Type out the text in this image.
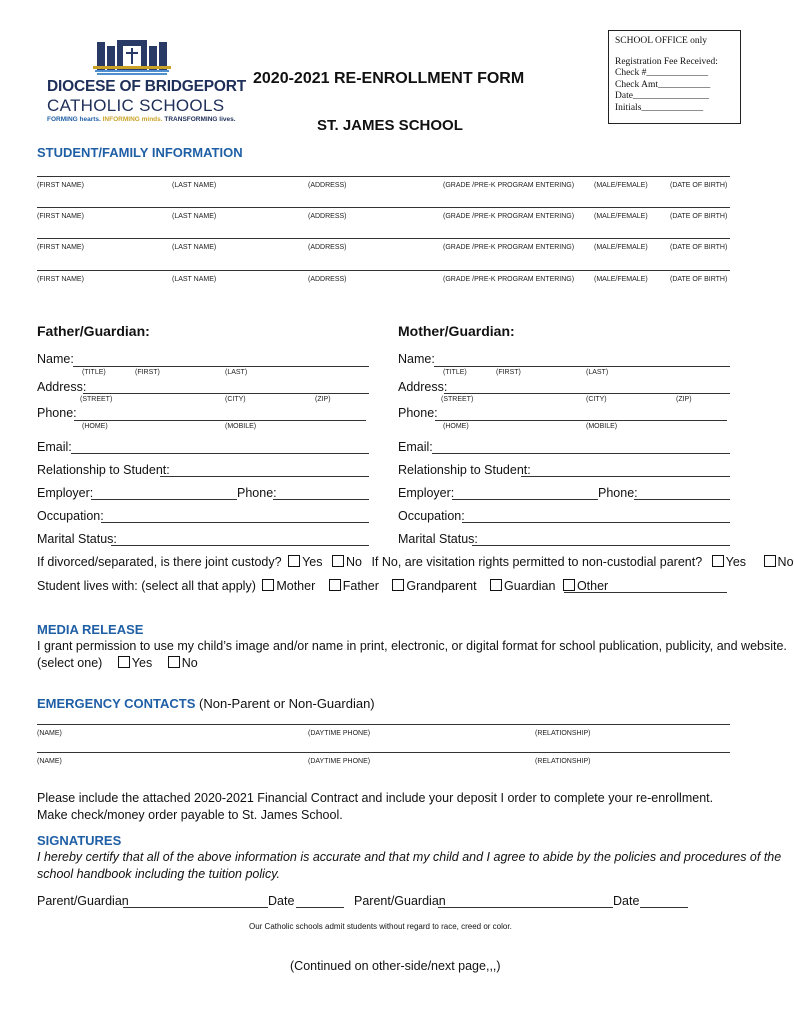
DIOCESE OF BRIDGEPORT
CATHOLIC SCHOOLS
FORMING hearts. INFORMING minds. TRANSFORMING lives.
2020-2021 RE-ENROLLMENT FORM
ST. JAMES SCHOOL
SCHOOL OFFICE only
Registration Fee Received:
Check #_____________
Check Amt___________
Date________________
Initials_____________
STUDENT/FAMILY INFORMATION
(FIRST NAME)	(LAST NAME)	(ADDRESS)	(GRADE /PRE-K PROGRAM ENTERING)	(MALE/FEMALE)	(DATE OF BIRTH)
(FIRST NAME)	(LAST NAME)	(ADDRESS)	(GRADE /PRE-K PROGRAM ENTERING)	(MALE/FEMALE)	(DATE OF BIRTH)
(FIRST NAME)	(LAST NAME)	(ADDRESS)	(GRADE /PRE-K PROGRAM ENTERING)	(MALE/FEMALE)	(DATE OF BIRTH)
(FIRST NAME)	(LAST NAME)	(ADDRESS)	(GRADE /PRE-K PROGRAM ENTERING)	(MALE/FEMALE)	(DATE OF BIRTH)
Father/Guardian:	Mother/Guardian:
Name:
(TITLE)	(FIRST)	(LAST)
Address:
(STREET)	(CITY)	(ZIP)
Phone:
(HOME)	(MOBILE)
Email:
Relationship to Student:
Employer:	Phone:
Occupation:
Marital Status:
Name:
(TITLE)	(FIRST)	(LAST)
Address:
(STREET)	(CITY)	(ZIP)
Phone:
(HOME)	(MOBILE)
Email:
Relationship to Student:
Employer:	Phone:
Occupation:
Marital Status:
If divorced/separated, is there joint custody? Yes No If No, are visitation rights permitted to non-custodial parent? Yes	No
Student lives with: (select all that apply) Mother Father Grandparent Guardian Other
MEDIA RELEASE
I grant permission to use my child’s image and/or name in print, electronic, or digital format for school publication, publicity, and website.
(select one) Yes No
EMERGENCY CONTACTS (Non-Parent or Non-Guardian)
(NAME)	(DAYTIME PHONE)	(RELATIONSHIP)
(NAME)	(DAYTIME PHONE)	(RELATIONSHIP)
Please include the attached 2020-2021 Financial Contract and include your deposit I order to complete your re-enrollment.
Make check/money order payable to St. James School.
SIGNATURES
I hereby certify that all of the above information is accurate and that my child and I agree to abide by the policies and procedures of the
school handbook including the tuition policy.
Parent/Guardian	Date	Parent/Guardian	Date
Our Catholic schools admit students without regard to race, creed or color.
(Continued on other-side/next page,,,)
